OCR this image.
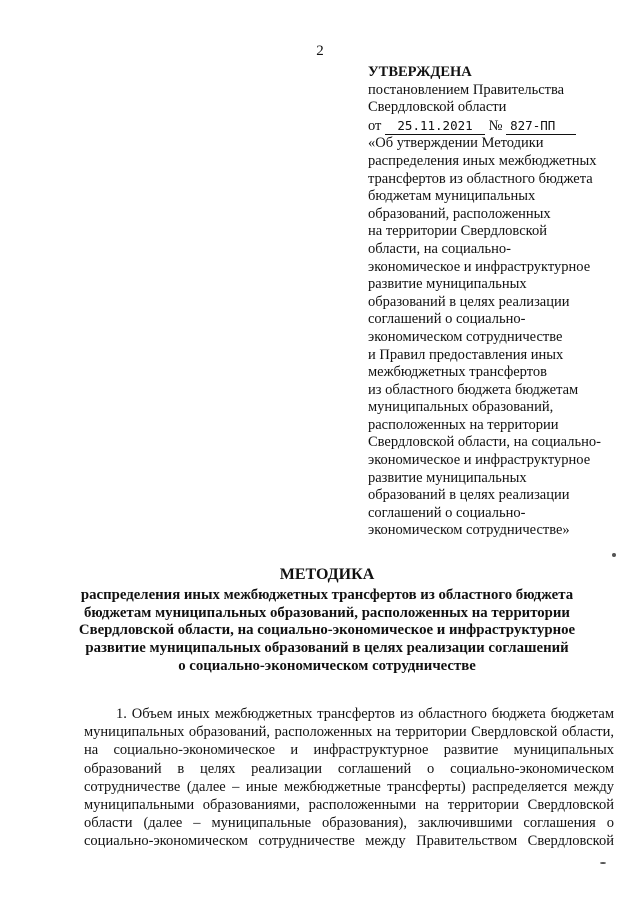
2
УТВЕРЖДЕНА
постановлением Правительства
Свердловской области
от 25.11.2021 № 827-ПП
«Об утверждении Методики
распределения иных межбюджетных
трансфертов из областного бюджета
бюджетам муниципальных
образований, расположенных
на территории Свердловской
области, на социально-
экономическое и инфраструктурное
развитие муниципальных
образований в целях реализации
соглашений о социально-
экономическом сотрудничестве
и Правил предоставления иных
межбюджетных трансфертов
из областного бюджета бюджетам
муниципальных образований,
расположенных на территории
Свердловской области, на социально-
экономическое и инфраструктурное
развитие муниципальных
образований в целях реализации
соглашений о социально-
экономическом сотрудничестве»
МЕТОДИКА
распределения иных межбюджетных трансфертов из областного бюджета
бюджетам муниципальных образований, расположенных на территории
Свердловской области, на социально-экономическое и инфраструктурное
развитие муниципальных образований в целях реализации соглашений
о социально-экономическом сотрудничестве
1. Объем иных межбюджетных трансфертов из областного бюджета бюджетам
муниципальных образований, расположенных на территории Свердловской области,
на социально-экономическое и инфраструктурное развитие муниципальных
образований в целях реализации соглашений о социально-экономическом
сотрудничестве (далее – иные межбюджетные трансферты) распределяется между
муниципальными образованиями, расположенными на территории Свердловской
области (далее – муниципальные образования), заключившими соглашения о
социально-экономическом сотрудничестве между Правительством Свердловской
